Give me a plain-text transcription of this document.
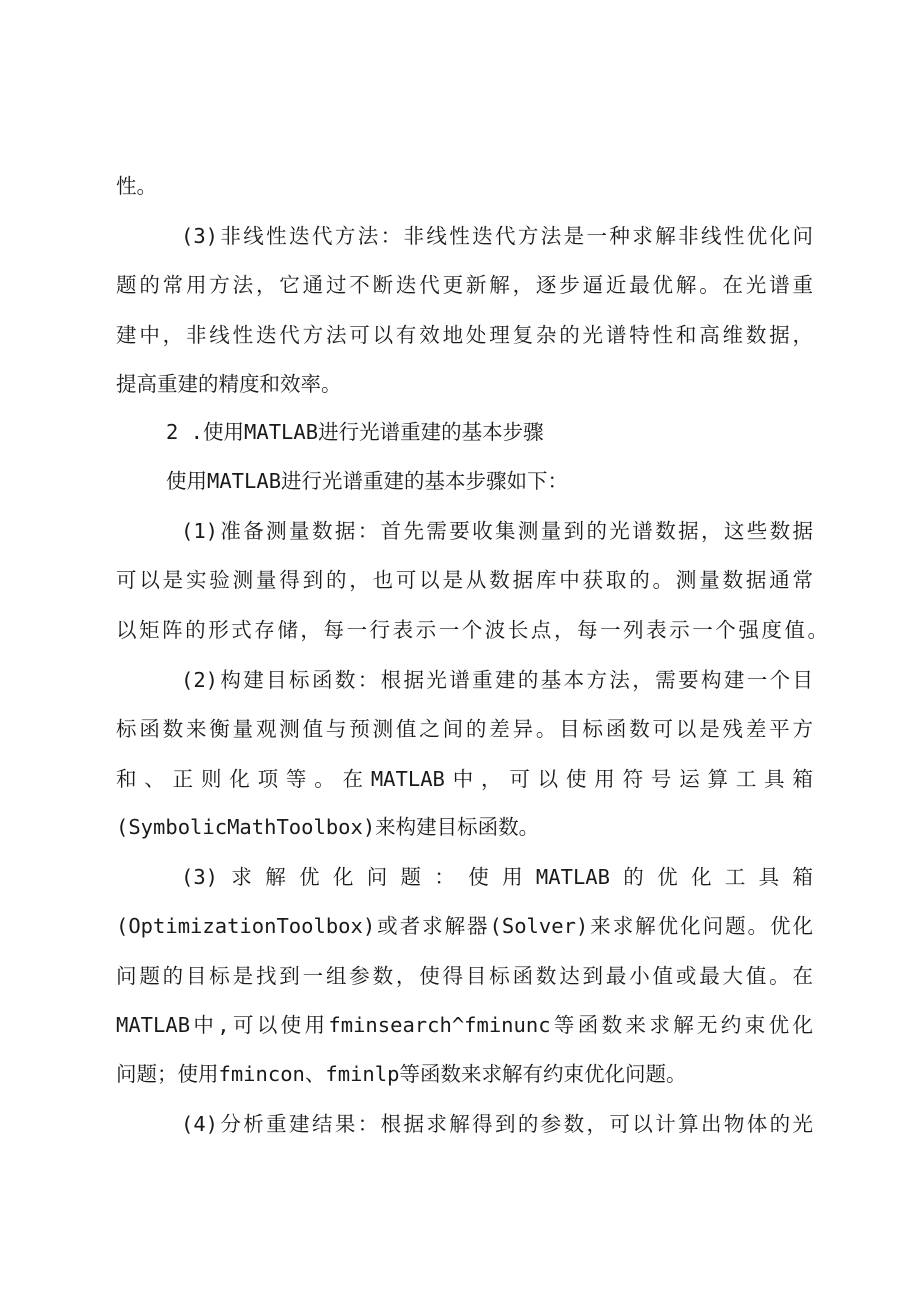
性。
(3)非线性迭代方法：非线性迭代方法是一种求解非线性优化问
题的常用方法，它通过不断迭代更新解，逐步逼近最优解。在光谱重
建中，非线性迭代方法可以有效地处理复杂的光谱特性和高维数据，
提高重建的精度和效率。
2 .使用MATLAB进行光谱重建的基本步骤
使用MATLAB进行光谱重建的基本步骤如下：
(1)准备测量数据：首先需要收集测量到的光谱数据，这些数据
可以是实验测量得到的，也可以是从数据库中获取的。测量数据通常
以矩阵的形式存储，每一行表示一个波长点，每一列表示一个强度值。
(2)构建目标函数：根据光谱重建的基本方法，需要构建一个目
标函数来衡量观测值与预测值之间的差异。目标函数可以是残差平方
和、正则化项等。在MATLAB中，可以使用符号运算工具箱
(SymbolicMathToolbox)来构建目标函数。
(3)求解优化问题：使用MATLAB的优化工具箱
(OptimizationToolbox)或者求解器(Solver)来求解优化问题。优化
问题的目标是找到一组参数，使得目标函数达到最小值或最大值。在
MATLAB中,可以使用fminsearch^fminunc等函数来求解无约束优化
问题；使用fmincon、fminlp等函数来求解有约束优化问题。
(4)分析重建结果：根据求解得到的参数，可以计算出物体的光
